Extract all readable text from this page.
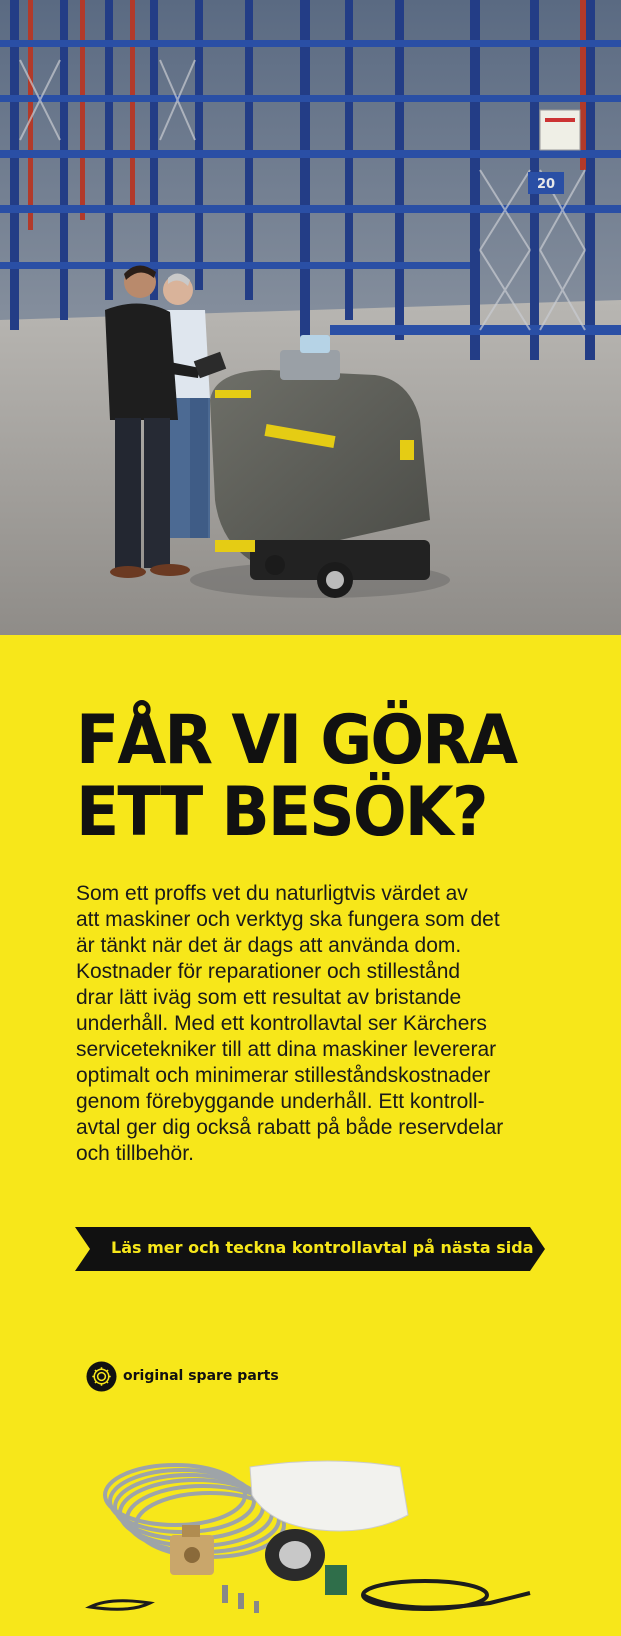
20
FÅR VI GÖRA
ETT BESÖK?

Som ett proffs vet du naturligtvis värdet av
att maskiner och verktyg ska fungera som det
är tänkt när det är dags att använda dom.
Kostnader för reparationer och stillestånd
drar lätt iväg som ett resultat av bristande
underhåll. Med ett kontrollavtal ser Kärchers
servicetekniker till att dina maskiner levererar
optimalt och minimerar stilleståndskostnader
genom förebyggande underhåll. Ett kontroll-
avtal ger dig också rabatt på både reservdelar
och tillbehör.

Läs mer och teckna kontrollavtal på nästa sida
original spare parts
